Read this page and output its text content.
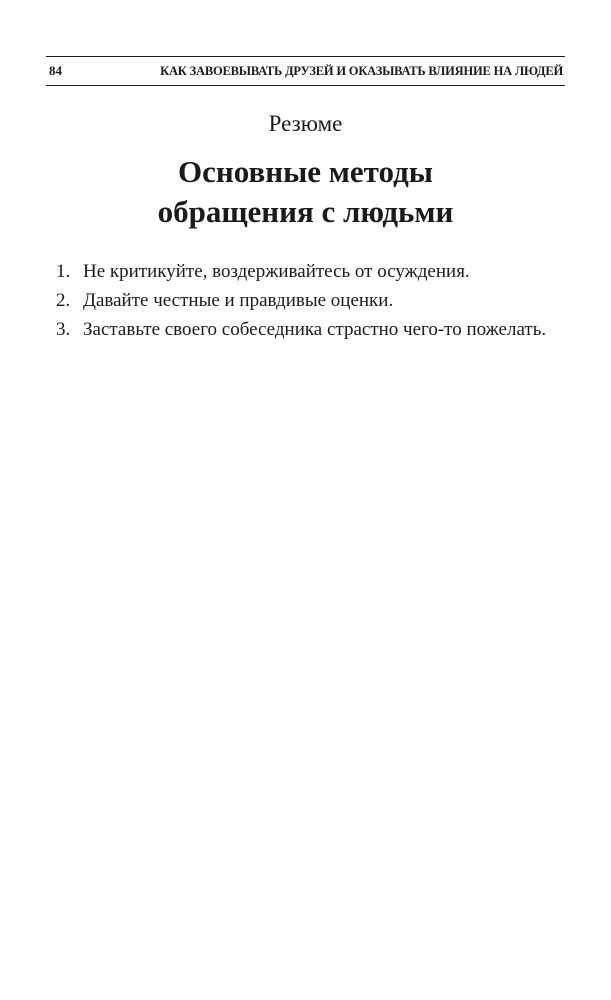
84	КАК ЗАВОЕВЫВАТЬ ДРУЗЕЙ И ОКАЗЫВАТЬ ВЛИЯНИЕ НА ЛЮДЕЙ
Резюме
Основные методы
обращения с людьми
1. Не критикуйте, воздерживайтесь от осуждения.
2. Давайте честные и правдивые оценки.
3. Заставьте своего собеседника страстно чего-то пожелать.
